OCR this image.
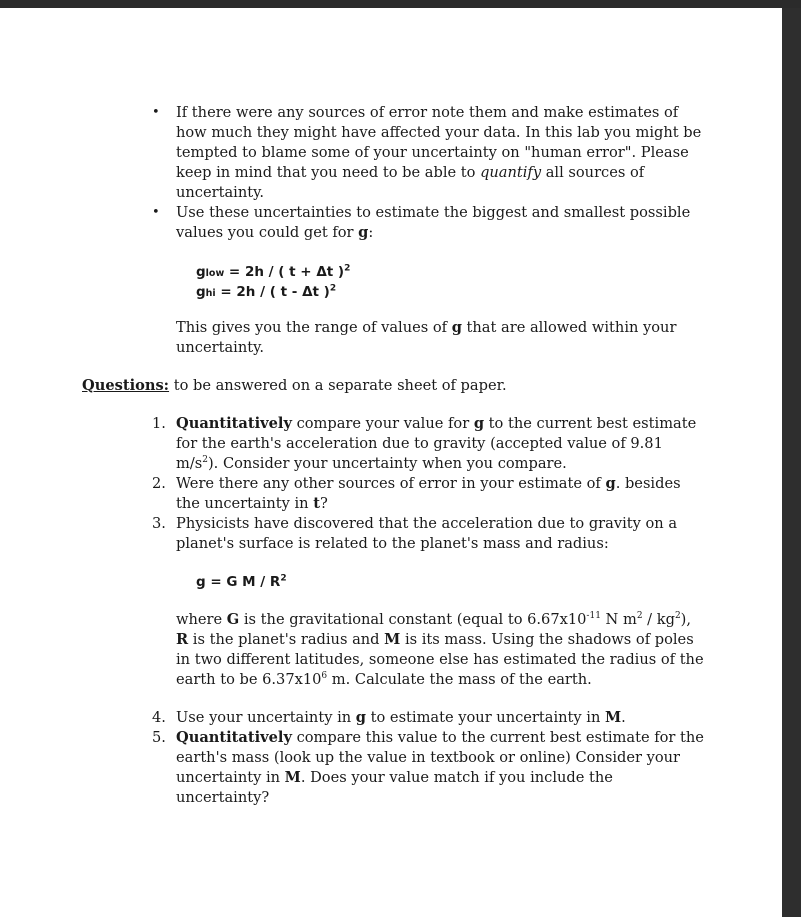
• If there were any sources of error note them and make estimates of how much they might have affected your data. In this lab you might be tempted to blame some of your uncertainty on "human error". Please keep in mind that you need to be able to quantify all sources of uncertainty.
• Use these uncertainties to estimate the biggest and smallest possible values you could get for g:
glow = 2h / ( t + Δt )$^2$
ghi = 2h / ( t - Δt )$^2$
This gives you the range of values of g that are allowed within your uncertainty.
Questions: to be answered on a separate sheet of paper.
1. Quantitatively compare your value for g to the current best estimate for the earth's acceleration due to gravity (accepted value of 9.81 $m/s^2$). Consider your uncertainty when you compare.
2. Were there any other sources of error in your estimate of g. besides the uncertainty in t?
3. Physicists have discovered that the acceleration due to gravity on a planet's surface is related to the planet's mass and radius:
g = G M / $R^2$
where G is the gravitational constant (equal to $6.67x10^{-11}$ N $m^2 / kg^2$), R is the planet's radius and M is its mass. Using the shadows of poles in two different latitudes, someone else has estimated the radius of the earth to be $6.37x10^6$ m. Calculate the mass of the earth.
4. Use your uncertainty in g to estimate your uncertainty in M.
5. Quantitatively compare this value to the current best estimate for the earth's mass (look up the value in textbook or online) Consider your uncertainty in M. Does your value match if you include the uncertainty?
